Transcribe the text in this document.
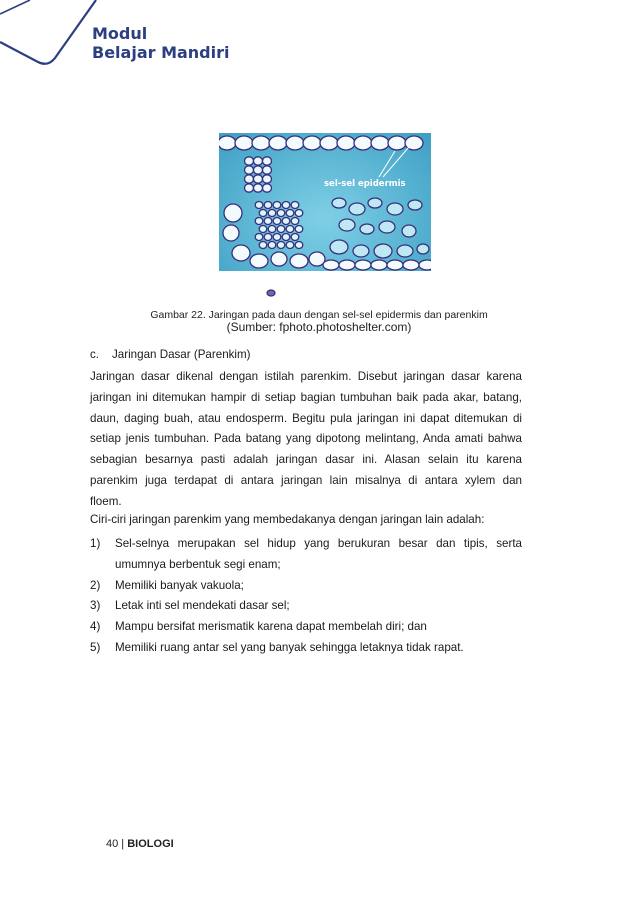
Modul
Belajar Mandiri
sel-sel epidermis
Gambar 22. Jaringan pada daun dengan sel-sel epidermis dan parenkim
(Sumber: fphoto.photoshelter.com)
c. Jaringan Dasar (Parenkim)
Jaringan dasar dikenal dengan istilah parenkim. Disebut jaringan dasar karena
jaringan ini ditemukan hampir di setiap bagian tumbuhan baik pada akar, batang,
daun, daging buah, atau endosperm. Begitu pula jaringan ini dapat ditemukan di
setiap jenis tumbuhan. Pada batang yang dipotong melintang, Anda amati bahwa
sebagian besarnya pasti adalah jaringan dasar ini. Alasan selain itu karena
parenkim juga terdapat di antara jaringan lain misalnya di antara xylem dan
floem.
Ciri-ciri jaringan parenkim yang membedakanya dengan jaringan lain adalah:
1) Sel-selnya merupakan sel hidup yang berukuran besar dan tipis, serta
umumnya berbentuk segi enam;
2) Memiliki banyak vakuola;
3) Letak inti sel mendekati dasar sel;
4) Mampu bersifat merismatik karena dapat membelah diri; dan
5) Memiliki ruang antar sel yang banyak sehingga letaknya tidak rapat.
40 | BIOLOGI
